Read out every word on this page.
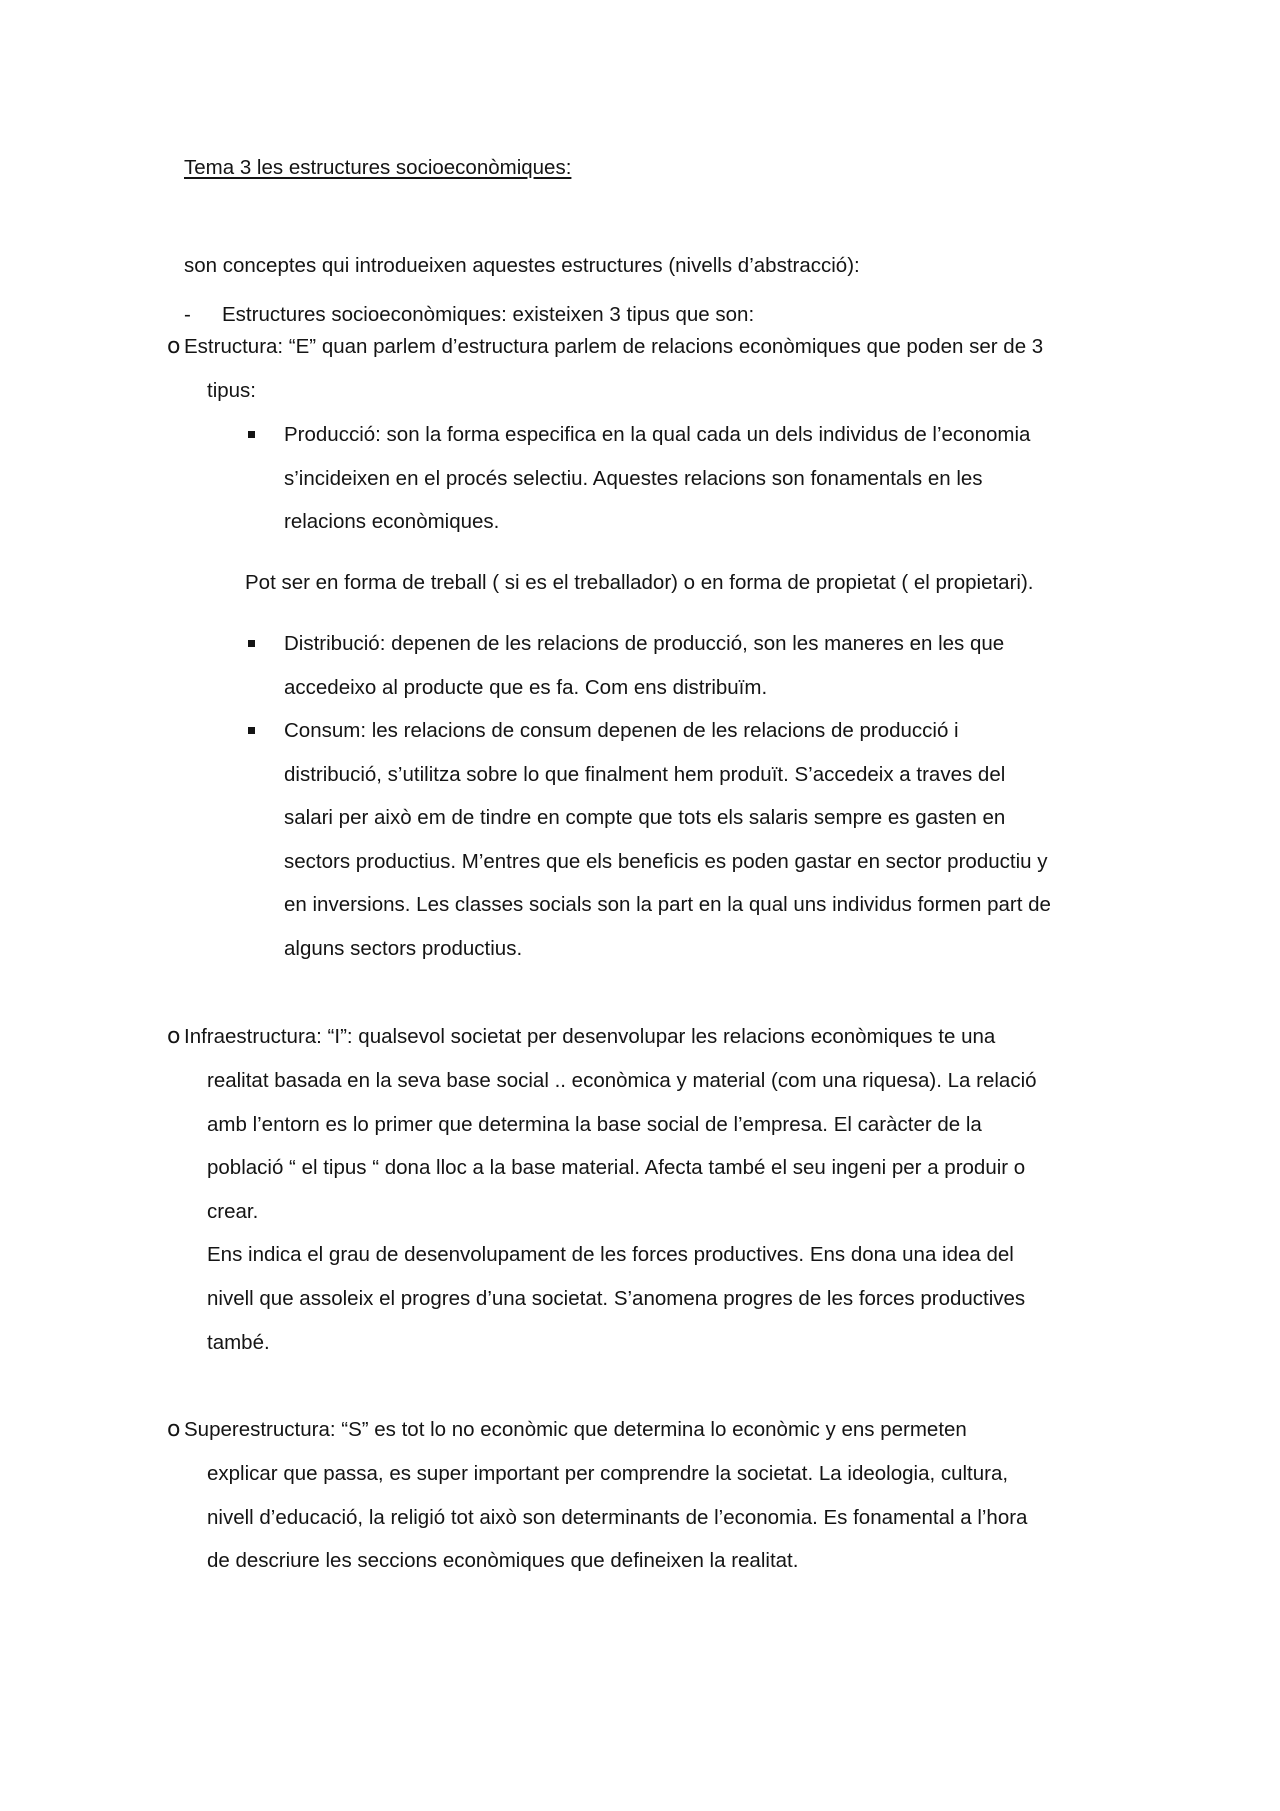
Tema 3 les estructures socioeconòmiques:
son conceptes qui introdueixen aquestes estructures (nivells d’abstracció):
- Estructures socioeconòmiques: existeixen 3 tipus que son:
o Estructura: “E” quan parlem d’estructura parlem de relacions econòmiques que poden ser de 3
tipus:
Producció: son la forma especifica en la qual cada un dels individus de l’economia
s’incideixen en el procés selectiu. Aquestes relacions son fonamentals en les
relacions econòmiques.
Pot ser en forma de treball ( si es el treballador) o en forma de propietat ( el propietari).
Distribució: depenen de les relacions de producció, son les maneres en les que
accedeixo al producte que es fa. Com ens distribuïm.
Consum: les relacions de consum depenen de les relacions de producció i
distribució, s’utilitza sobre lo que finalment hem produït. S’accedeix a traves del
salari per això em de tindre en compte que tots els salaris sempre es gasten en
sectors productius. M’entres que els beneficis es poden gastar en sector productiu y
en inversions. Les classes socials son la part en la qual uns individus formen part de
alguns sectors productius.
o Infraestructura: “I”: qualsevol societat per desenvolupar les relacions econòmiques te una
realitat basada en la seva base social .. econòmica y material (com una riquesa). La relació
amb l’entorn es lo primer que determina la base social de l’empresa. El caràcter de la
població “ el tipus “ dona lloc a la base material. Afecta també el seu ingeni per a produir o
crear.
Ens indica el grau de desenvolupament de les forces productives. Ens dona una idea del
nivell que assoleix el progres d’una societat. S’anomena progres de les forces productives
també.
o Superestructura: “S” es tot lo no econòmic que determina lo econòmic y ens permeten
explicar que passa, es super important per comprendre la societat. La ideologia, cultura,
nivell d’educació, la religió tot això son determinants de l’economia. Es fonamental a l’hora
de descriure les seccions econòmiques que defineixen la realitat.
